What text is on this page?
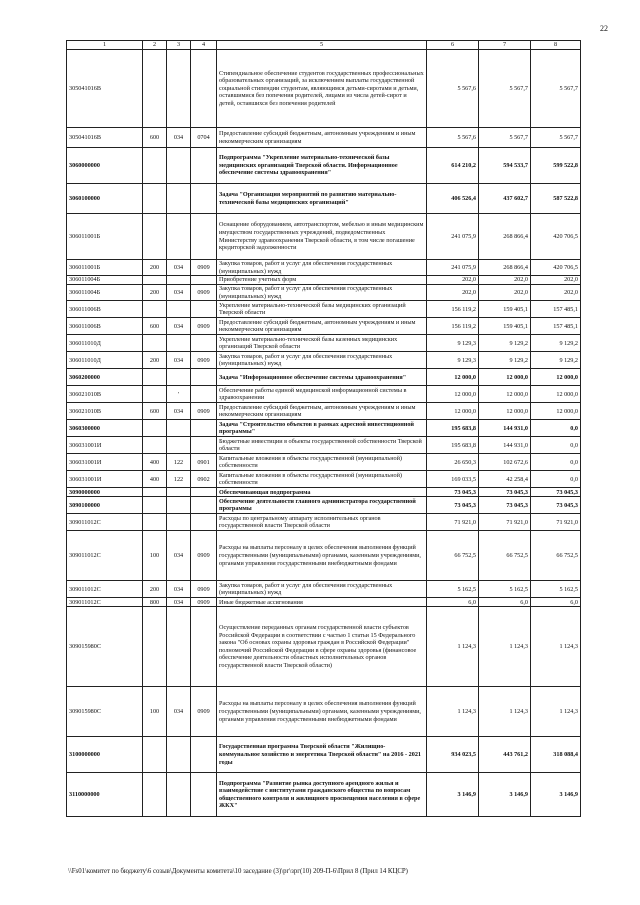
22
1	2	3	4	5	6	7	8
305041016В				Стипендиальное обеспечение студентов государственных профессиональных образовательных организаций, за исключением выплаты государственной социальной стипендии студентам, являющимся детьми-сиротами и детьми, оставшимися без попечения родителей, лицами из числа детей-сирот и детей, оставшихся без попечения родителей	5 567,6	5 567,7	5 567,7
305041016В	600	034	0704	Предоставление субсидий бюджетным, автономным учреждениям и иным некоммерческим организациям	5 567,6	5 567,7	5 567,7
3060000000				Подпрограмма "Укрепление материально-технической базы медицинских организаций Тверской области. Информационное обеспечение системы здравоохранения"	614 210,2	594 533,7	599 522,8
3060100000				Задача "Организация мероприятий по развитию материально-технической базы медицинских организаций"	406 526,4	437 602,7	587 522,8
306011001Б				Оснащение оборудованием, автотранспортом, мебелью и иным медицинским имуществом государственных учреждений, подведомственных Министерству здравоохранения Тверской области, в том числе погашение кредиторской задолженности	241 075,9	268 866,4	420 706,5
306011001Б	200	034	0909	Закупка товаров, работ и услуг для обеспечения государственных (муниципальных) нужд	241 075,9	268 866,4	420 706,5
306011004Б				Приобретение учетных форм	202,0	202,0	202,0
306011004Б	200	034	0909	Закупка товаров, работ и услуг для обеспечения государственных (муниципальных) нужд	202,0	202,0	202,0
306011006В				Укрепление материально-технической базы медицинских организаций Тверской области	156 119,2	159 405,1	157 485,1
306011006В	600	034	0909	Предоставление субсидий бюджетным, автономным учреждениям и иным некоммерческим организациям	156 119,2	159 405,1	157 485,1
306011010Д				Укрепление материально-технической базы казенных медицинских организаций Тверской области	9 129,3	9 129,2	9 129,2
306011010Д	200	034	0909	Закупка товаров, работ и услуг для обеспечения государственных (муниципальных) нужд	9 129,3	9 129,2	9 129,2
3060200000				Задача "Информационное обеспечение системы здравоохранения"	12 000,0	12 000,0	12 000,0
306021010В		'		Обеспечение работы единой медицинской информационной системы в здравоохранении	12 000,0	12 000,0	12 000,0
306021010В	600	034	0909	Предоставление субсидий бюджетным, автономным учреждениям и иным некоммерческим организациям	12 000,0	12 000,0	12 000,0
3060300000				Задача "Строительство объектов в рамках адресной инвестиционной программы"	195 683,8	144 931,0	0,0
306031001И				Бюджетные инвестиции в объекты государственной собственности Тверской области	195 683,8	144 931,0	0,0
306031001И	400	122	0901	Капитальные вложения в объекты государственной (муниципальной) собственности	26 650,3	102 672,6	0,0
306031001И	400	122	0902	Капитальные вложения в объекты государственной (муниципальной) собственности	169 033,5	42 258,4	0,0
3090000000				Обеспечивающая подпрограмма	73 045,3	73 045,3	73 045,3
3090100000				Обеспечение деятельности главного администратора государственной программы	73 045,3	73 045,3	73 045,3
309011012С				Расходы по центральному аппарату исполнительных органов государственной власти Тверской области	71 921,0	71 921,0	71 921,0
309011012С	100	034	0909	Расходы на выплаты персоналу в целях обеспечения выполнения функций государственными (муниципальными) органами, казенными учреждениями, органами управления государственными внебюджетными фондами	66 752,5	66 752,5	66 752,5
309011012С	200	034	0909	Закупка товаров, работ и услуг для обеспечения государственных (муниципальных) нужд	5 162,5	5 162,5	5 162,5
309011012С	800	034	0909	Иные бюджетные ассигнования	6,0	6,0	6,0
309015980С				Осуществление переданных органам государственной власти субъектов Российской Федерации в соответствии с частью 1 статьи 15 Федерального закона "Об основах охраны здоровья граждан в Российской Федерации" полномочий Российской Федерации в сфере охраны здоровья (финансовое обеспечение деятельности областных исполнительных органов государственной власти Тверской области)	1 124,3	1 124,3	1 124,3
309015980С	100	034	0909	Расходы на выплаты персоналу в целях обеспечения выполнения функций государственными (муниципальными) органами, казенными учреждениями, органами управления государственными внебюджетными фондами	1 124,3	1 124,3	1 124,3
3100000000				Государственная программа Тверской области "Жилищно-коммунальное хозяйство и энергетика Тверской области" на 2016 - 2021 годы	934 023,5	443 761,2	318 088,4
3110000000				Подпрограмма "Развитие рынка доступного арендного жилья и взаимодействие с институтами гражданского общества по вопросам общественного контроля и жилищного просвещения населения в сфере ЖКХ"	3 146,9	3 146,9	3 146,9
\\Fs01\комитет по бюджету\6 созыв\Документы комитета\10 заседание (3)\рг\зрг(10) 209-П-6\Прил 8 (Прил 14 КЦСР)
